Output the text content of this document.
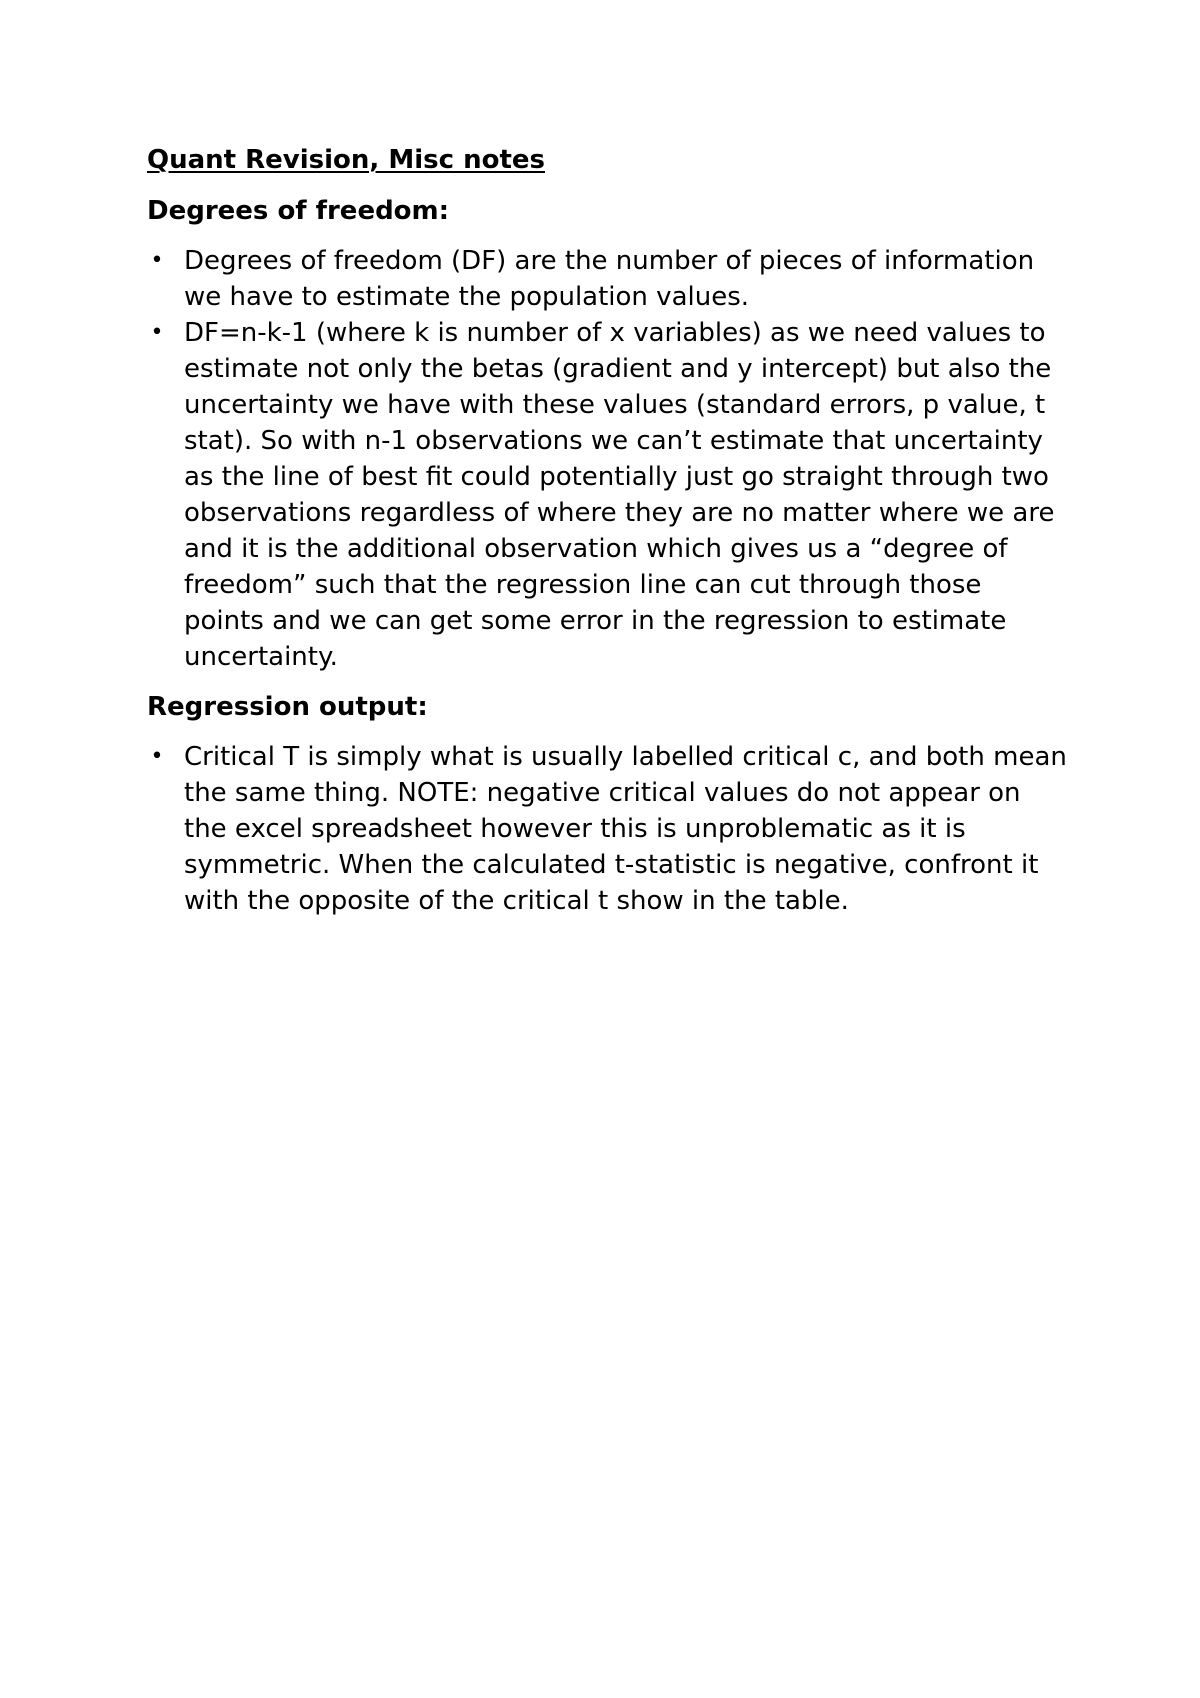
Quant Revision, Misc notes
Degrees of freedom:
• Degrees of freedom (DF) are the number of pieces of information we have to estimate the population values.
• DF=n-k-1 (where k is number of x variables) as we need values to estimate not only the betas (gradient and y intercept) but also the uncertainty we have with these values (standard errors, p value, t stat). So with n-1 observations we can’t estimate that uncertainty as the line of best fit could potentially just go straight through two observations regardless of where they are no matter where we are and it is the additional observation which gives us a “degree of freedom” such that the regression line can cut through those points and we can get some error in the regression to estimate uncertainty.
Regression output:
• Critical T is simply what is usually labelled critical c, and both mean the same thing. NOTE: negative critical values do not appear on the excel spreadsheet however this is unproblematic as it is symmetric. When the calculated t-statistic is negative, confront it with the opposite of the critical t show in the table.
